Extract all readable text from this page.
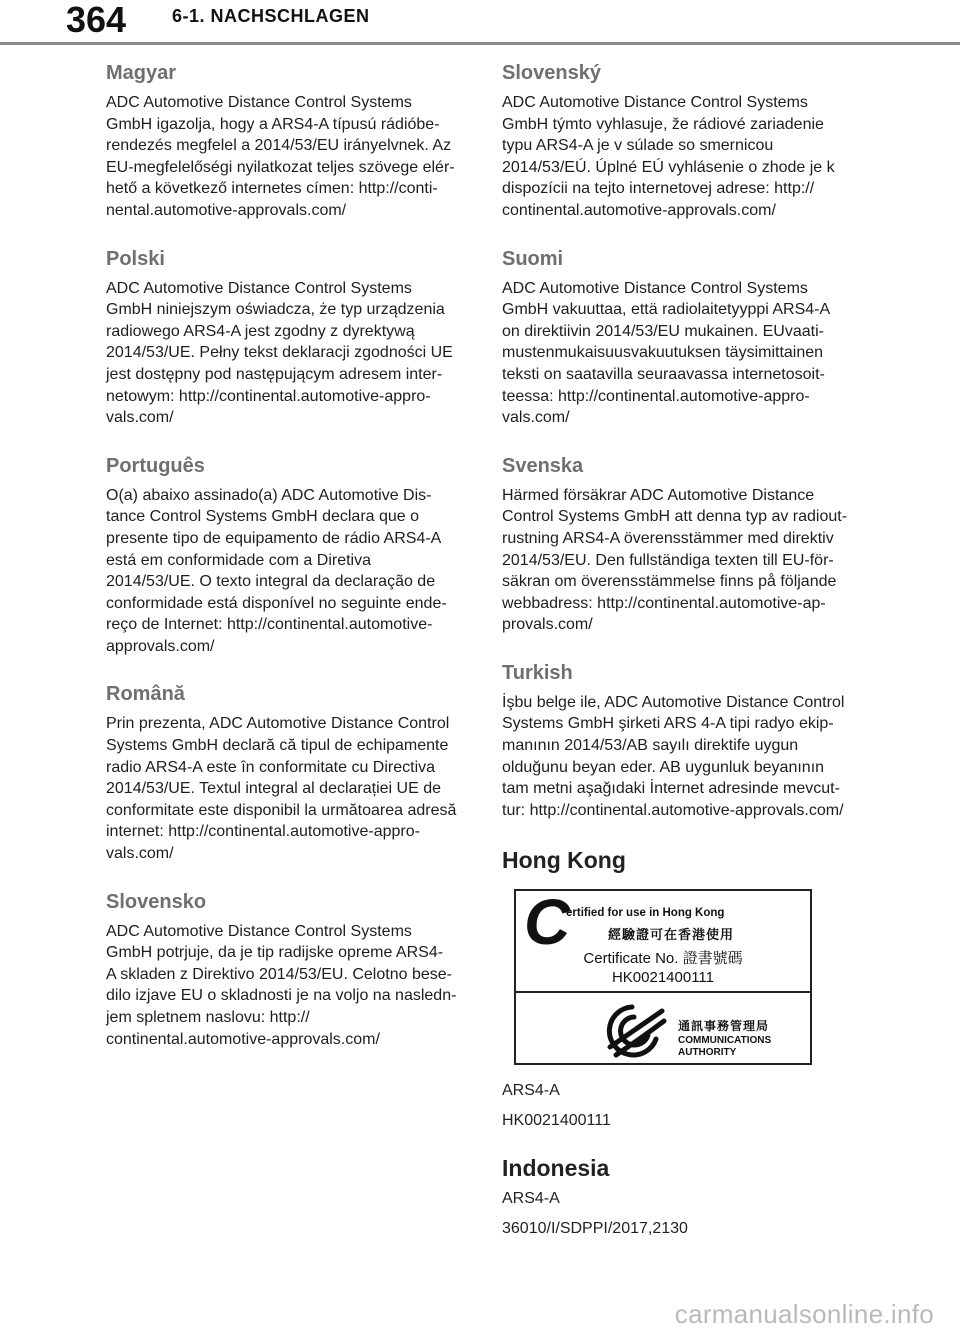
364	6-1. NACHSCHLAGEN
Magyar
ADC Automotive Distance Control Systems
GmbH igazolja, hogy a ARS4-A típusú rádióbe-
rendezés megfelel a 2014/53/EU irányelvnek. Az
EU-megfelelőségi nyilatkozat teljes szövege elér-
hető a következő internetes címen: http://conti-
nental.automotive-approvals.com/
Polski
ADC Automotive Distance Control Systems
GmbH niniejszym oświadcza, że typ urządzenia
radiowego ARS4-A jest zgodny z dyrektywą
2014/53/UE. Pełny tekst deklaracji zgodności UE
jest dostępny pod następującym adresem inter-
netowym: http://continental.automotive-appro-
vals.com/
Português
O(a) abaixo assinado(a) ADC Automotive Dis-
tance Control Systems GmbH declara que o
presente tipo de equipamento de rádio ARS4-A
está em conformidade com a Diretiva
2014/53/UE. O texto integral da declaração de
conformidade está disponível no seguinte ende-
reço de Internet: http://continental.automotive-
approvals.com/
Română
Prin prezenta, ADC Automotive Distance Control
Systems GmbH declară că tipul de echipamente
radio ARS4-A este în conformitate cu Directiva
2014/53/UE. Textul integral al declarației UE de
conformitate este disponibil la următoarea adresă
internet: http://continental.automotive-appro-
vals.com/
Slovensko
ADC Automotive Distance Control Systems
GmbH potrjuje, da je tip radijske opreme ARS4-
A skladen z Direktivo 2014/53/EU. Celotno bese-
dilo izjave EU o skladnosti je na voljo na nasledn-
jem spletnem naslovu: http://
continental.automotive-approvals.com/
Slovenský
ADC Automotive Distance Control Systems
GmbH týmto vyhlasuje, že rádiové zariadenie
typu ARS4-A je v súlade so smernicou
2014/53/EÚ. Úplné EÚ vyhlásenie o zhode je k
dispozícii na tejto internetovej adrese: http://
continental.automotive-approvals.com/
Suomi
ADC Automotive Distance Control Systems
GmbH vakuuttaa, että radiolaitetyyppi ARS4-A
on direktiivin 2014/53/EU mukainen. EUvaati-
mustenmukaisuusvakuutuksen täysimittainen
teksti on saatavilla seuraavassa internetosoit-
teessa: http://continental.automotive-appro-
vals.com/
Svenska
Härmed försäkrar ADC Automotive Distance
Control Systems GmbH att denna typ av radiout-
rustning ARS4-A överensstämmer med direktiv
2014/53/EU. Den fullständiga texten till EU-för-
säkran om överensstämmelse finns på följande
webbadress: http://continental.automotive-ap-
provals.com/
Turkish
İşbu belge ile, ADC Automotive Distance Control
Systems GmbH şirketi ARS 4-A tipi radyo ekip-
manının 2014/53/AB sayılı direktife uygun
olduğunu beyan eder. AB uygunluk beyanının
tam metni aşağıdaki İnternet adresinde mevcut-
tur: http://continental.automotive-approvals.com/
Hong Kong
C
ertified for use in Hong Kong
經驗證可在香港使用
Certificate No. 證書號碼
HK0021400111
通訊事務管理局
COMMUNICATIONS
AUTHORITY
ARS4-A
HK0021400111
Indonesia
ARS4-A
36010/I/SDPPI/2017,2130
carmanualsonline.info
